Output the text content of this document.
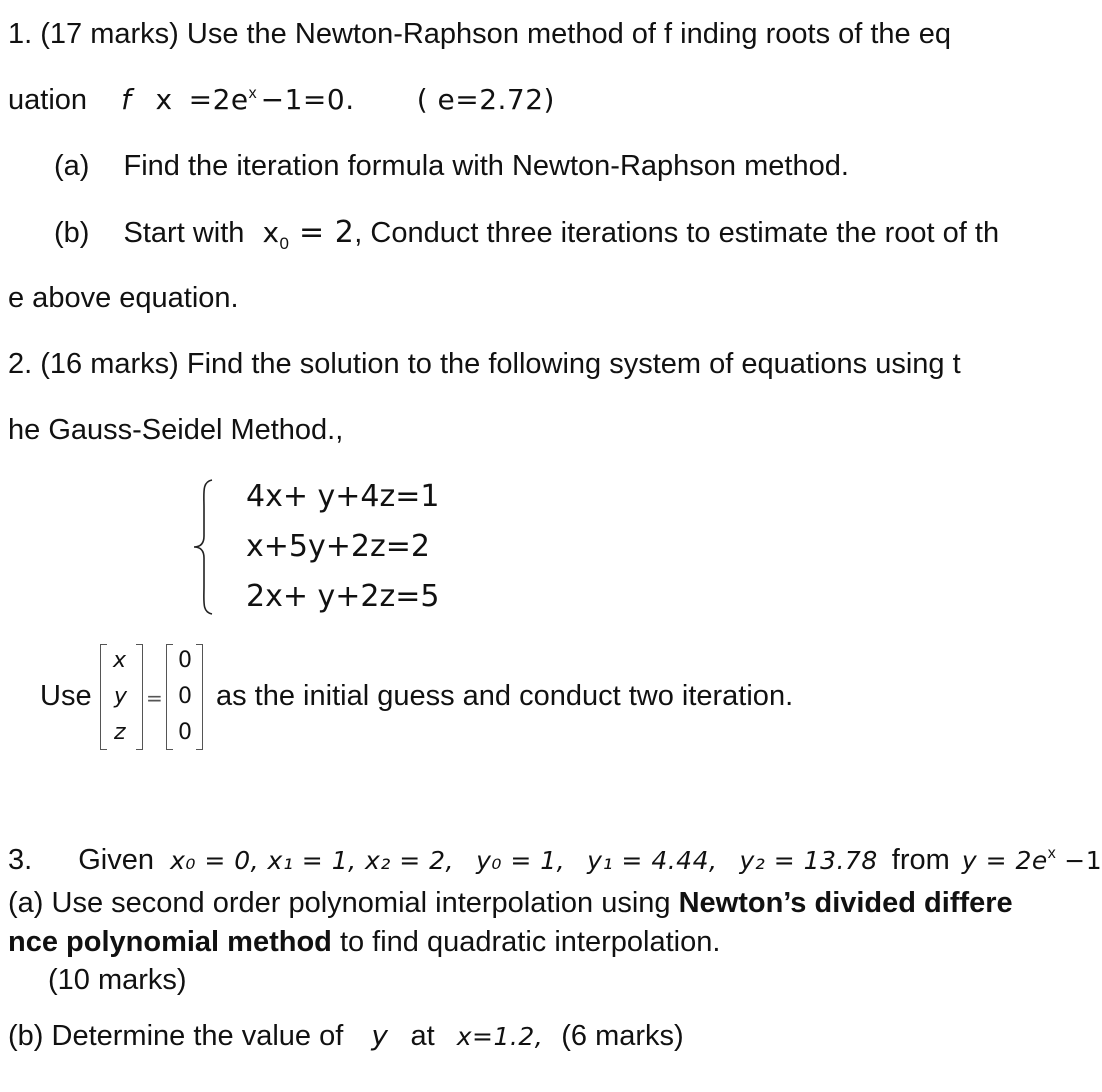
1. (17 marks) Use the Newton-Raphson method of f inding roots of the eq
uation f $x =2e^x -1=0$. ( e=2.72)
(a) Find the iteration formula with Newton-Raphson method.
(b) Start with $x_0 = 2$, Conduct three iterations to estimate the root of th
e above equation.
2. (16 marks) Find the solution to the following system of equations using t
he Gauss-Seidel Method.,
4x+ y+4z=1
x+5y+2z=2
2x+ y+2z=5
Use
x
y
z
=
0
0
0
as the initial guess and conduct two iteration.
3. Given x₀ = 0, x₁ = 1, x₂ = 2, y₀ = 1, y₁ = 4.44, y₂ = 13.78 from $y = 2e^x -1$
(a) Use second order polynomial interpolation using Newton’s divided differe
nce polynomial method to find quadratic interpolation.
(10 marks)
(b) Determine the value of y at x=1.2, (6 marks)
